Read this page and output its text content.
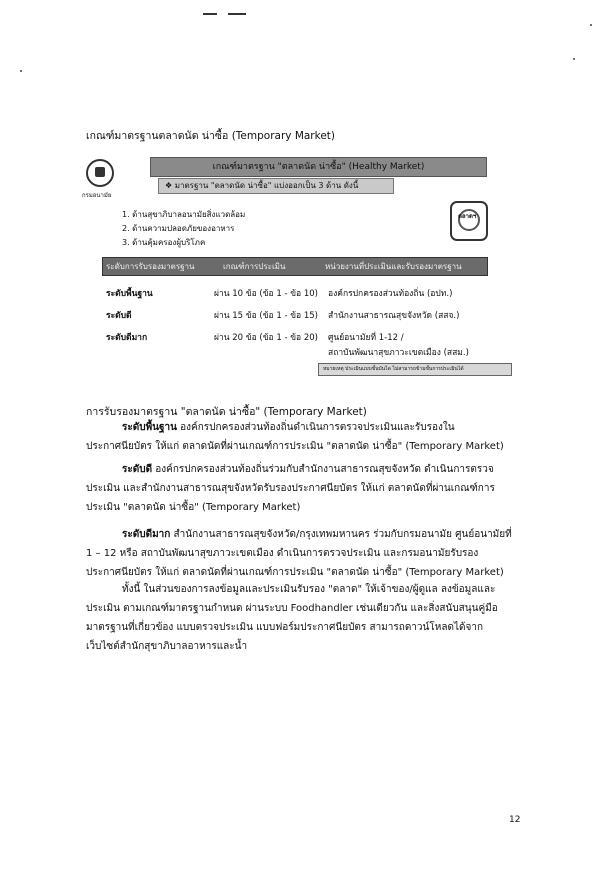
เกณฑ์มาตรฐานตลาดนัด น่าซื้อ (Temporary Market)
กรมอนามัย
เกณฑ์มาตรฐาน "ตลาดนัด น่าซื้อ" (Healthy Market)
❖ มาตรฐาน "ตลาดนัด น่าซื้อ" แบ่งออกเป็น 3 ด้าน ดังนี้
1. ด้านสุขาภิบาลอนามัยสิ่งแวดล้อม
2. ด้านความปลอดภัยของอาหาร
3. ด้านคุ้มครองผู้บริโภค
ตลาดฯ
ระดับการรับรองมาตรฐาน	เกณฑ์การประเมิน	หน่วยงานที่ประเมินและรับรองมาตรฐาน
ระดับพื้นฐาน	ผ่าน 10 ข้อ (ข้อ 1 - ข้อ 10) องค์กรปกครองส่วนท้องถิ่น (อปท.)
ระดับดี	ผ่าน 15 ข้อ (ข้อ 1 - ข้อ 15) สำนักงานสาธารณสุขจังหวัด (สสจ.)
ระดับดีมาก	ผ่าน 20 ข้อ (ข้อ 1 - ข้อ 20) ศูนย์อนามัยที่ 1-12 /
สถาบันพัฒนาสุขภาวะเขตเมือง (สสม.)
หมายเหตุ ประเมินแบบขั้นบันได ไม่สามารถข้ามขั้นการประเมินได้
การรับรองมาตรฐาน "ตลาดนัด น่าซื้อ" (Temporary Market)
ระดับพื้นฐาน องค์กรปกครองส่วนท้องถิ่นดำเนินการตรวจประเมินและรับรองในประกาศนียบัตร ให้แก่ ตลาดนัดที่ผ่านเกณฑ์การประเมิน "ตลาดนัด น่าซื้อ" (Temporary Market)
ระดับดี องค์กรปกครองส่วนท้องถิ่นร่วมกับสำนักงานสาธารณสุขจังหวัด ดำเนินการตรวจประเมิน และสำนักงานสาธารณสุขจังหวัดรับรองประกาศนียบัตร ให้แก่ ตลาดนัดที่ผ่านเกณฑ์การประเมิน "ตลาดนัด น่าซื้อ" (Temporary Market)
ระดับดีมาก สำนักงานสาธารณสุขจังหวัด/กรุงเทพมหานคร ร่วมกับกรมอนามัย ศูนย์อนามัยที่ 1 – 12 หรือ สถาบันพัฒนาสุขภาวะเขตเมือง ดำเนินการตรวจประเมิน และกรมอนามัยรับรองประกาศนียบัตร ให้แก่ ตลาดนัดที่ผ่านเกณฑ์การประเมิน "ตลาดนัด น่าซื้อ" (Temporary Market)
ทั้งนี้ ในส่วนของการลงข้อมูลและประเมินรับรอง "ตลาด" ให้เจ้าของ/ผู้ดูแล ลงข้อมูลและประเมิน ตามเกณฑ์มาตรฐานกำหนด ผ่านระบบ Foodhandler เช่นเดียวกัน และสิ่งสนับสนุนคู่มือมาตรฐานที่เกี่ยวข้อง แบบตรวจประเมิน แบบฟอร์มประกาศนียบัตร สามารถดาวน์โหลดได้จากเว็บไซต์สำนักสุขาภิบาลอาหารและน้ำ
12
